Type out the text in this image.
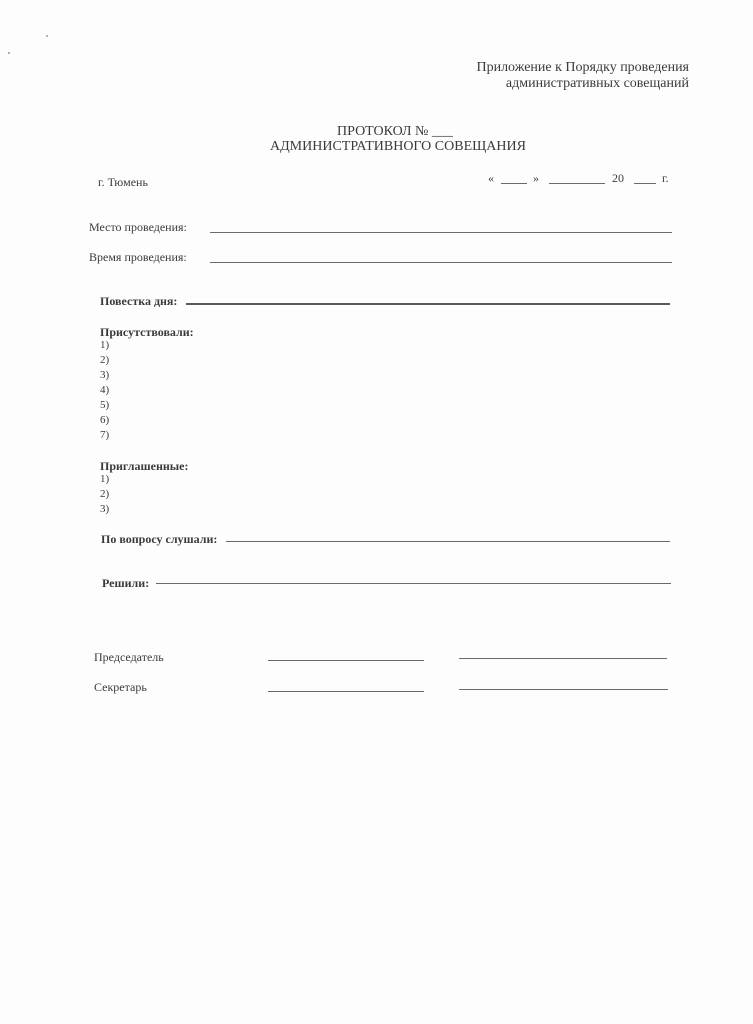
Приложение к Порядку проведения
административных совещаний
ПРОТОКОЛ № ___
АДМИНИСТРАТИВНОГО СОВЕЩАНИЯ
г. Тюмень	«	»	20	г.
Место проведения:
Время проведения:
Повестка дня:
Присутствовали:
1)
2)
3)
4)
5)
6)
7)
Приглашенные:
1)
2)
3)
По вопросу слушали:
Решили:
Председатель
Секретарь
